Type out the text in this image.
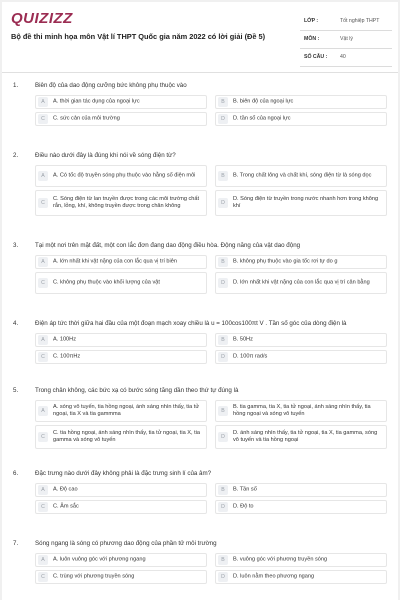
QUIZIZZ
Bộ đề thi minh họa môn Vật lí THPT Quốc gia năm 2022 có lời giải (Đề 5)
LỚP :	Tốt nghiệp THPT
MÔN :	Vật lý
SỐ CÂU : 40
1.	Biên độ của dao động cưỡng bức không phụ thuộc vào
A	A. thời gian tác dụng của ngoại lực	B	B. biên độ của ngoại lực
C	C. sức cản của môi trường	D	D. tần số của ngoại lực
2.	Điều nào dưới đây là đúng khi nói về sóng điện từ?
A	A. Có tốc độ truyền sóng phụ thuộc vào hằng số điện môi	B	B. Trong chất lỏng và chất khí, sóng điện từ là sóng dọc
C
C. Sóng điện từ lan truyền được trong các môi trường chất rắn, lỏng, khí, không truyền được trong chân không	D
D. Sóng điện từ truyền trong nước nhanh hơn trong không khí
3.	Tại một nơi trên mặt đất, một con lắc đơn đang dao động điều hòa. Động năng của vật dao động
A	A. lớn nhất khi vật nặng của con lắc qua vị trí biên	B	B. không phụ thuộc vào gia tốc rơi tự do g
C	C. không phụ thuộc vào khối lượng của vật	D	D. lớn nhất khi vật nặng của con lắc qua vị trí cân bằng
4.	Điện áp tức thời giữa hai đầu của một đoạn mạch xoay chiều là u = 100cos100πt V . Tần số góc của dòng điện là
A	A. 100Hz	B	B. 50Hz
C	C. 100πHz	D	D. 100π rad/s
5.	Trong chân không, các bức xạ có bước sóng tăng dần theo thứ tự đúng là
A
A. sóng vô tuyến, tia hồng ngoại, ánh sáng nhìn thấy, tia tử ngoại, tia X và tia gammma	B
B. tia gamma, tia X, tia tử ngoại, ánh sáng nhìn thấy, tia hồng ngoại và sóng vô tuyến
C
C. tia hồng ngoại, ánh sáng nhìn thấy, tia tử ngoại, tia X, tia gamma và sóng vô tuyến	D
D. ánh sáng nhìn thấy, tia tử ngoại, tia X, tia gamma, sóng vô tuyến và tia hồng ngoại
6.	Đặc trưng nào dưới đây không phải là đặc trưng sinh lí của âm?
A	A. Độ cao	B	B. Tần số
C	C. Âm sắc	D	D. Độ to
7.	Sóng ngang là sóng có phương dao động của phần tử môi trường
A	A. luôn vuông góc với phương ngang	B	B. vuông góc với phương truyền sóng
C	C. trùng với phương truyền sóng	D	D. luôn nằm theo phương ngang
